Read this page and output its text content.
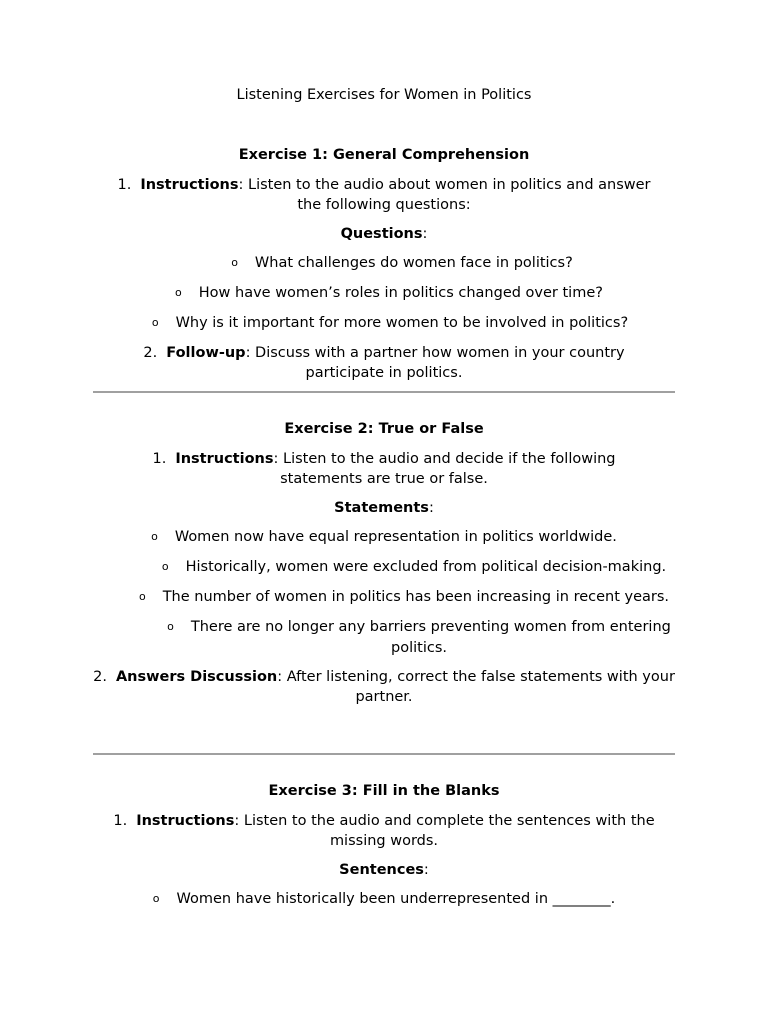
Listening Exercises for Women in Politics
Exercise 1: General Comprehension
1. Instructions: Listen to the audio about women in politics and answer the following questions:
Questions:
o What challenges do women face in politics?
o How have women’s roles in politics changed over time?
o Why is it important for more women to be involved in politics?
2. Follow-up: Discuss with a partner how women in your country participate in politics.
Exercise 2: True or False
1. Instructions: Listen to the audio and decide if the following statements are true or false.
Statements:
o Women now have equal representation in politics worldwide.
o Historically, women were excluded from political decision-making.
o The number of women in politics has been increasing in recent years.
o There are no longer any barriers preventing women from entering politics.
2. Answers Discussion: After listening, correct the false statements with your partner.
Exercise 3: Fill in the Blanks
1. Instructions: Listen to the audio and complete the sentences with the missing words.
Sentences:
o Women have historically been underrepresented in ________.
